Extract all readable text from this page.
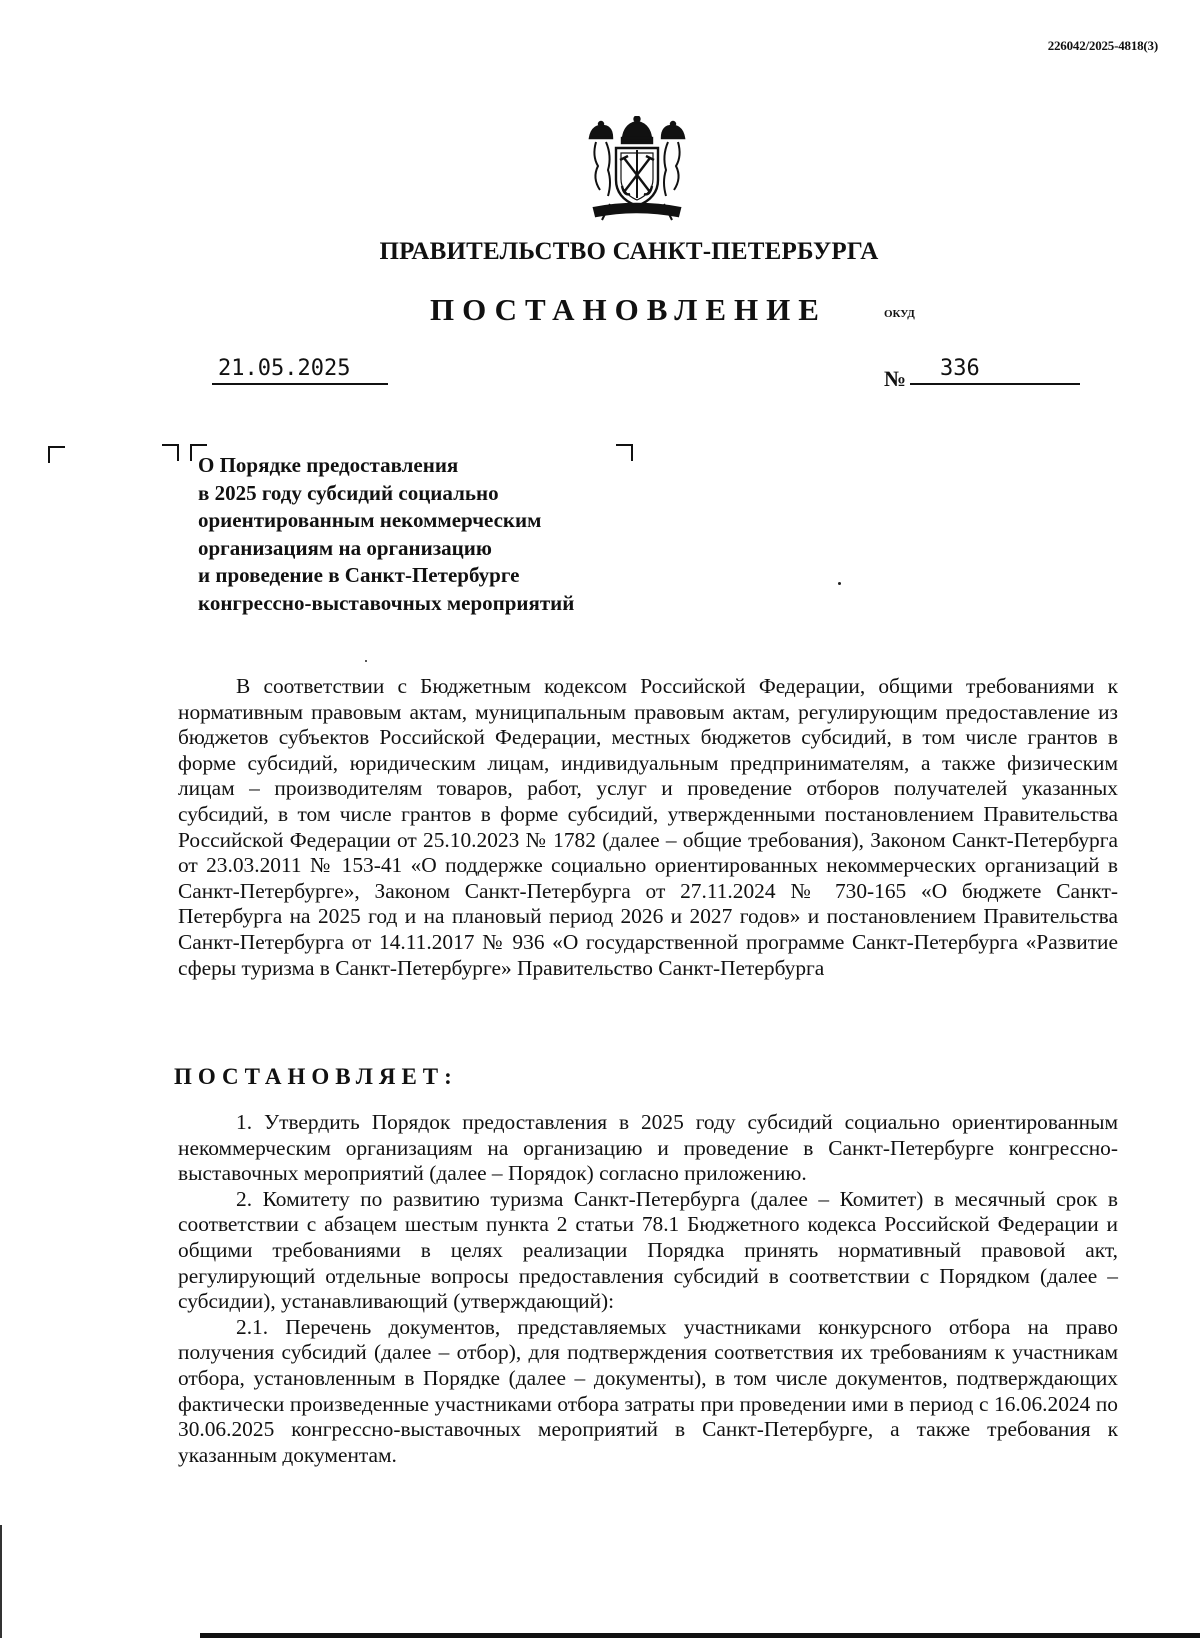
226042/2025-4818(3)
ПРАВИТЕЛЬСТВО САНКТ-ПЕТЕРБУРГА
ПОСТАНОВЛЕНИЕ	ОКУД
21.05.2025	№	336
О Порядке предоставления
в 2025 году субсидий социально
ориентированным некоммерческим
организациям на организацию
и проведение в Санкт-Петербурге
конгрессно-выставочных мероприятий

В соответствии с Бюджетным кодексом Российской Федерации, общими требованиями к нормативным правовым актам, муниципальным правовым актам, регулирующим предоставление из бюджетов субъектов Российской Федерации, местных бюджетов субсидий, в том числе грантов в форме субсидий, юридическим лицам, индивидуальным предпринимателям, а также физическим лицам – производителям товаров, работ, услуг и проведение отборов получателей указанных субсидий, в том числе грантов в форме субсидий, утвержденными постановлением Правительства Российской Федерации от 25.10.2023 № 1782 (далее – общие требования), Законом Санкт-Петербурга от 23.03.2011 № 153-41 «О поддержке социально ориентированных некоммерческих организаций в Санкт-Петербурге», Законом Санкт-Петербурга от 27.11.2024 № 730-165 «О бюджете Санкт-Петербурга на 2025 год и на плановый период 2026 и 2027 годов» и постановлением Правительства Санкт-Петербурга от 14.11.2017 № 936 «О государственной программе Санкт-Петербурга «Развитие сферы туризма в Санкт-Петербурге» Правительство Санкт-Петербурга

ПОСТАНОВЛЯЕТ:

1. Утвердить Порядок предоставления в 2025 году субсидий социально ориентированным некоммерческим организациям на организацию и проведение в Санкт-Петербурге конгрессно-выставочных мероприятий (далее – Порядок) согласно приложению.

2. Комитету по развитию туризма Санкт-Петербурга (далее – Комитет) в месячный срок в соответствии с абзацем шестым пункта 2 статьи 78.1 Бюджетного кодекса Российской Федерации и общими требованиями в целях реализации Порядка принять нормативный правовой акт, регулирующий отдельные вопросы предоставления субсидий в соответствии с Порядком (далее – субсидии), устанавливающий (утверждающий):

2.1. Перечень документов, представляемых участниками конкурсного отбора на право получения субсидий (далее – отбор), для подтверждения соответствия их требованиям к участникам отбора, установленным в Порядке (далее – документы), в том числе документов, подтверждающих фактически произведенные участниками отбора затраты при проведении ими в период с 16.06.2024 по 30.06.2025 конгрессно-выставочных мероприятий в Санкт-Петербурге, а также требования к указанным документам.
